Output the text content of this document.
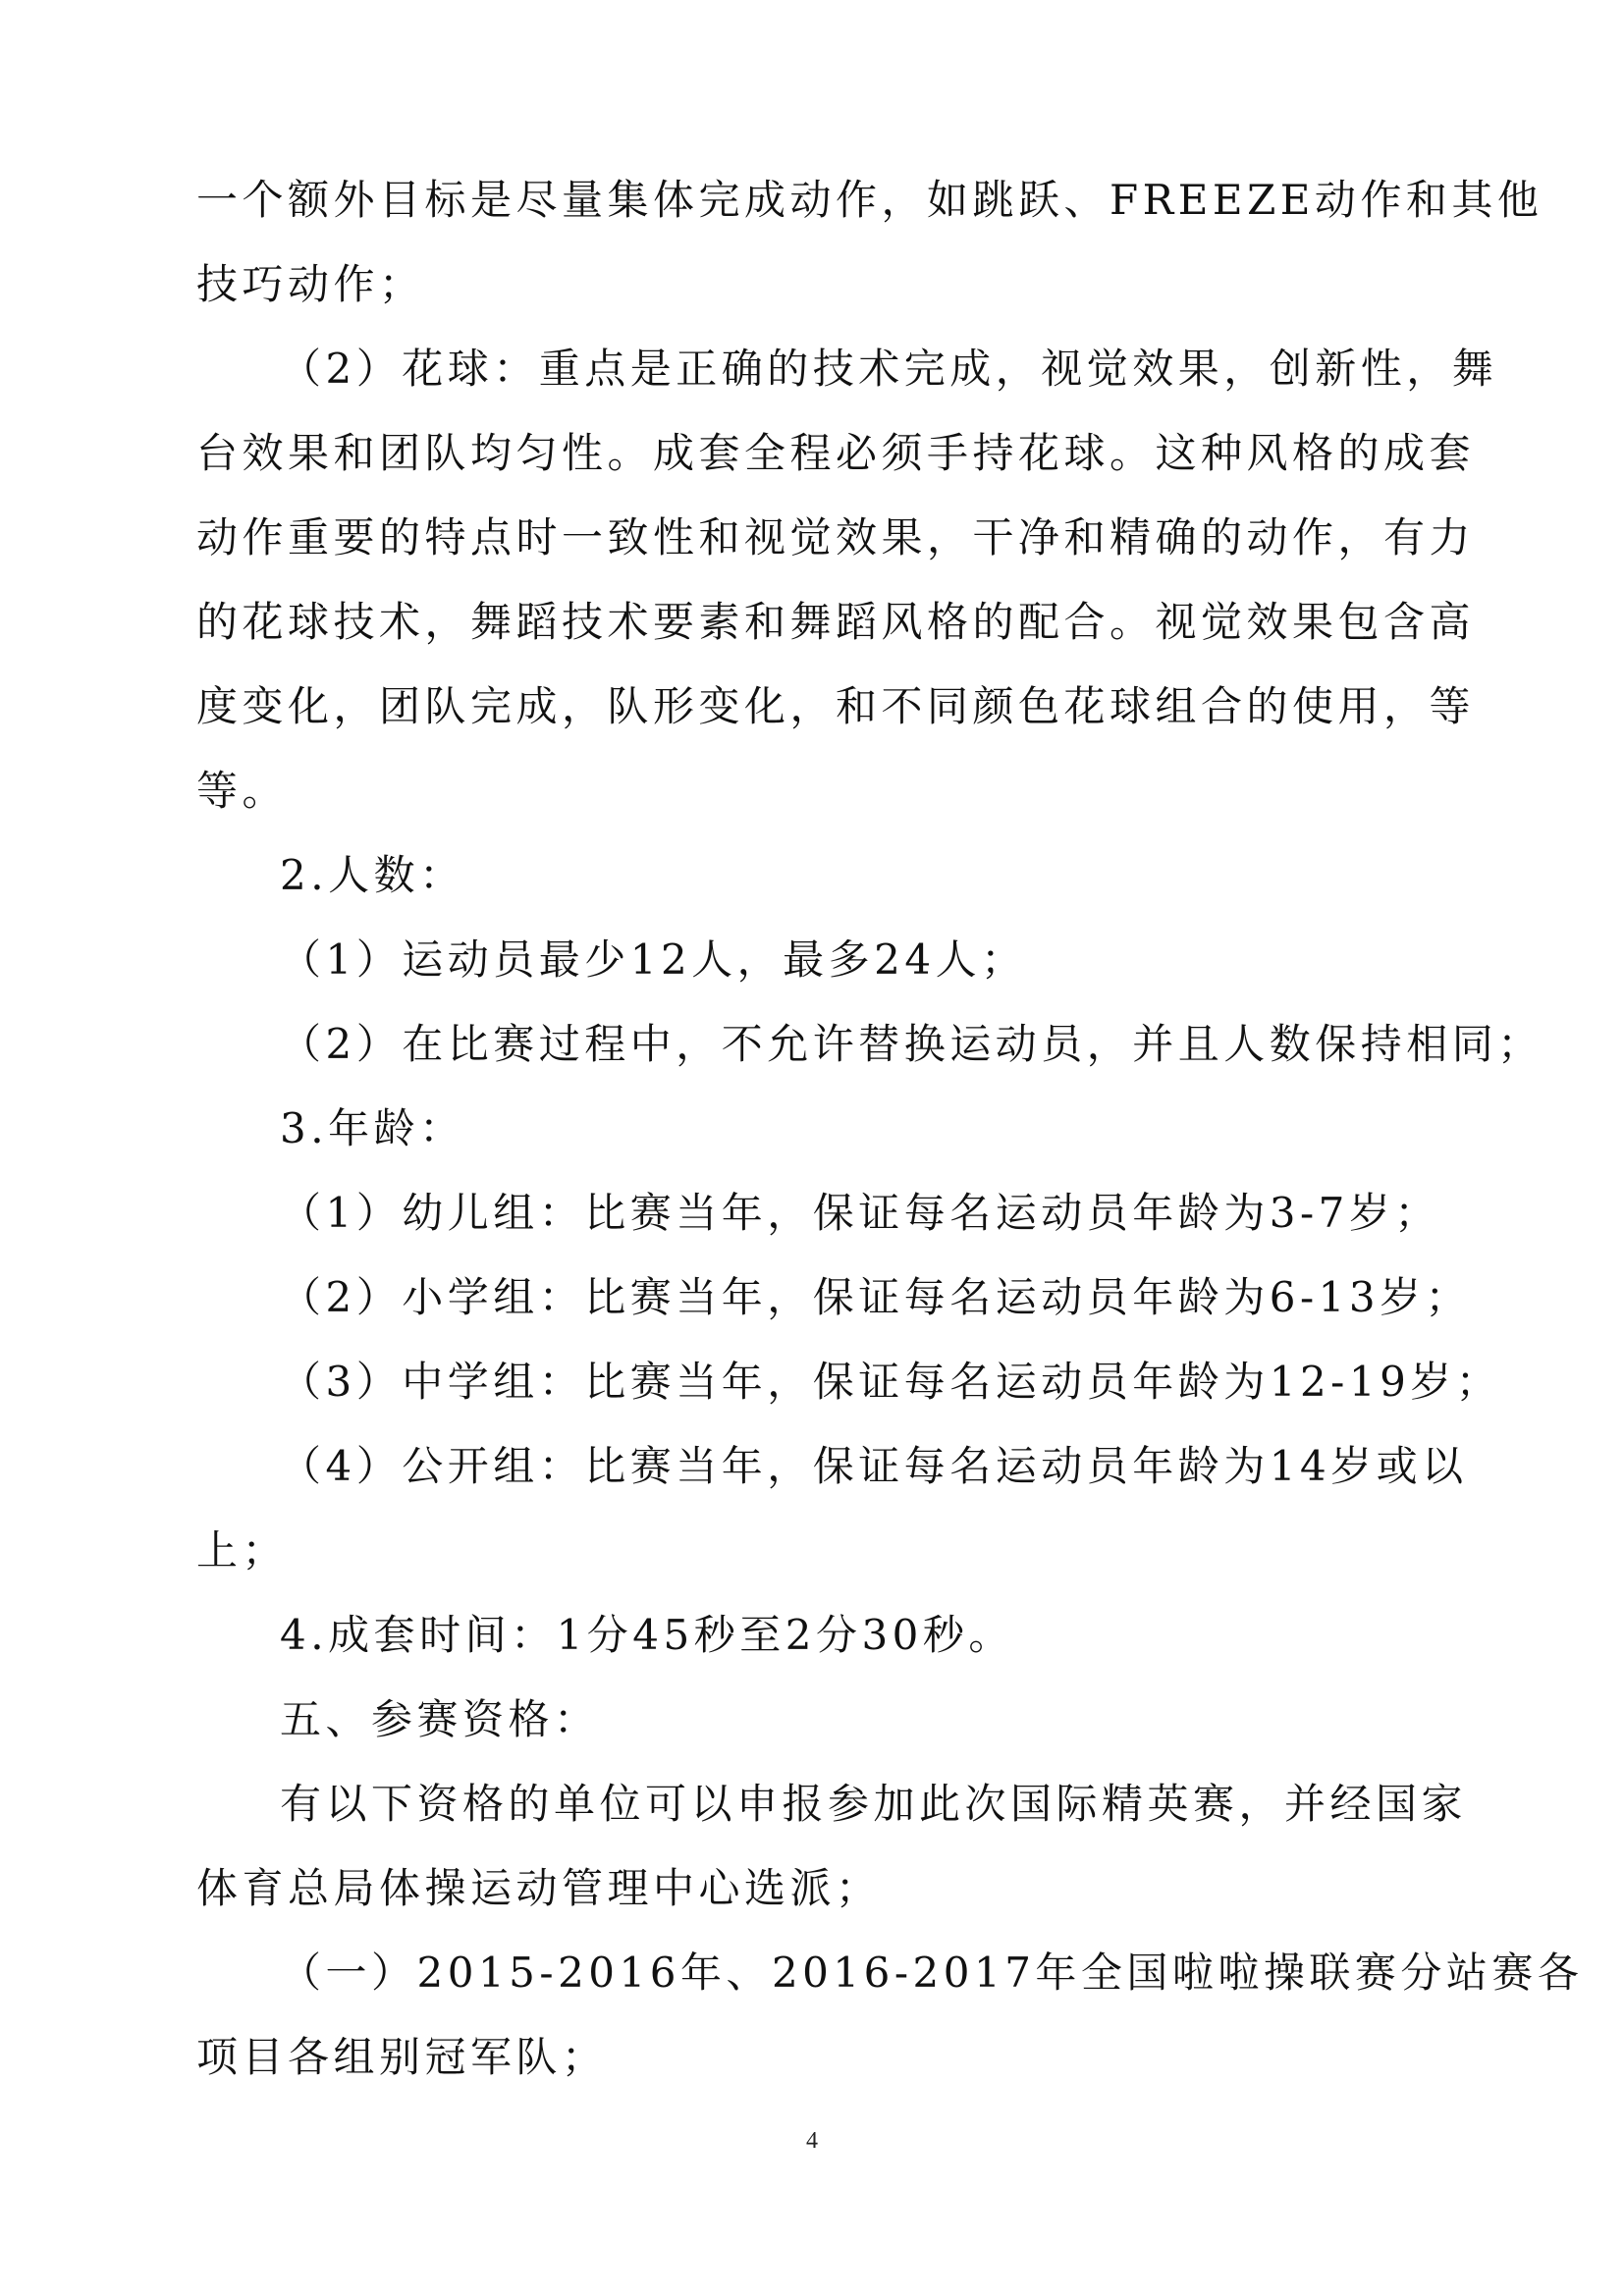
一个额外目标是尽量集体完成动作，如跳跃、FREEZE动作和其他
技巧动作；
（2）花球：重点是正确的技术完成，视觉效果，创新性，舞
台效果和团队均匀性。成套全程必须手持花球。这种风格的成套
动作重要的特点时一致性和视觉效果，干净和精确的动作，有力
的花球技术，舞蹈技术要素和舞蹈风格的配合。视觉效果包含高
度变化，团队完成，队形变化，和不同颜色花球组合的使用，等
等。
2.人数：
（1）运动员最少12人，最多24人；
（2）在比赛过程中，不允许替换运动员，并且人数保持相同；
3.年龄：
（1）幼儿组：比赛当年，保证每名运动员年龄为3-7岁；
（2）小学组：比赛当年，保证每名运动员年龄为6-13岁；
（3）中学组：比赛当年，保证每名运动员年龄为12-19岁；
（4）公开组：比赛当年，保证每名运动员年龄为14岁或以
上；
4.成套时间：1分45秒至2分30秒。
五、参赛资格：
有以下资格的单位可以申报参加此次国际精英赛，并经国家
体育总局体操运动管理中心选派；
（一）2015-2016年、2016-2017年全国啦啦操联赛分站赛各
项目各组别冠军队；
4
